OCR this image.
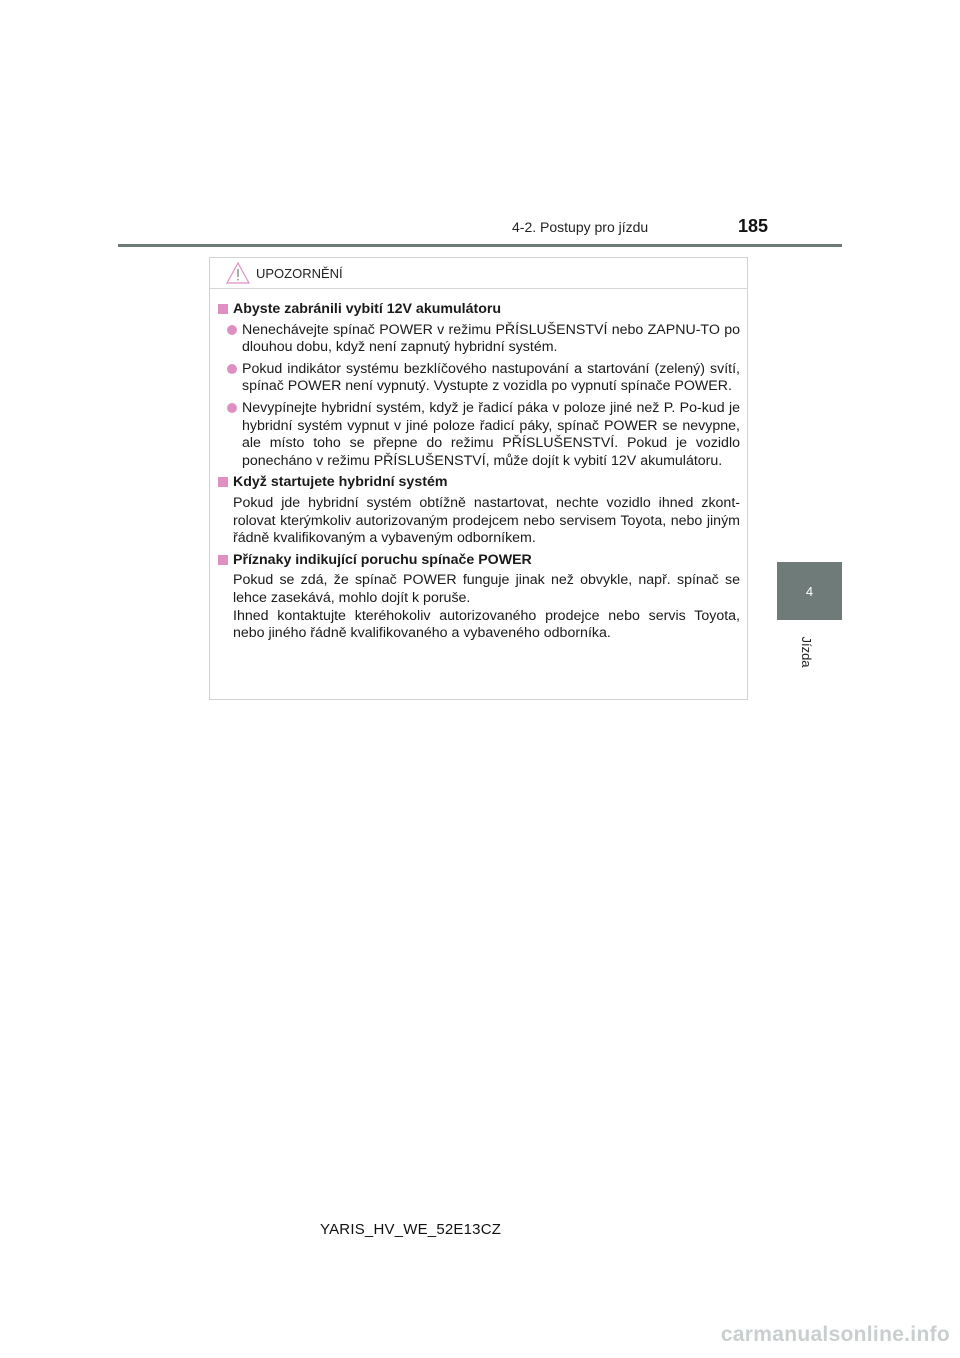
4-2. Postupy pro jízdu	185
4
Jízda
UPOZORNĚNÍ
Abyste zabránili vybití 12V akumulátoru
Nenechávejte spínač POWER v režimu PŘÍSLUŠENSTVÍ nebo ZAPNU-TO po dlouhou dobu, když není zapnutý hybridní systém.
Pokud indikátor systému bezklíčového nastupování a startování (zelený) svítí, spínač POWER není vypnutý. Vystupte z vozidla po vypnutí spínače POWER.
Nevypínejte hybridní systém, když je řadicí páka v poloze jiné než P. Po-kud je hybridní systém vypnut v jiné poloze řadicí páky, spínač POWER se nevypne, ale místo toho se přepne do režimu PŘÍSLUŠENSTVÍ. Pokud je vozidlo ponecháno v režimu PŘÍSLUŠENSTVÍ, může dojít k vybití 12V akumulátoru.
Když startujete hybridní systém
Pokud jde hybridní systém obtížně nastartovat, nechte vozidlo ihned zkont-rolovat kterýmkoliv autorizovaným prodejcem nebo servisem Toyota, nebo jiným řádně kvalifikovaným a vybaveným odborníkem.
Příznaky indikující poruchu spínače POWER
Pokud se zdá, že spínač POWER funguje jinak než obvykle, např. spínač se lehce zasekává, mohlo dojít k poruše.
Ihned kontaktujte kteréhokoliv autorizovaného prodejce nebo servis Toyota, nebo jiného řádně kvalifikovaného a vybaveného odborníka.
YARIS_HV_WE_52E13CZ
carmanualsonline.info
